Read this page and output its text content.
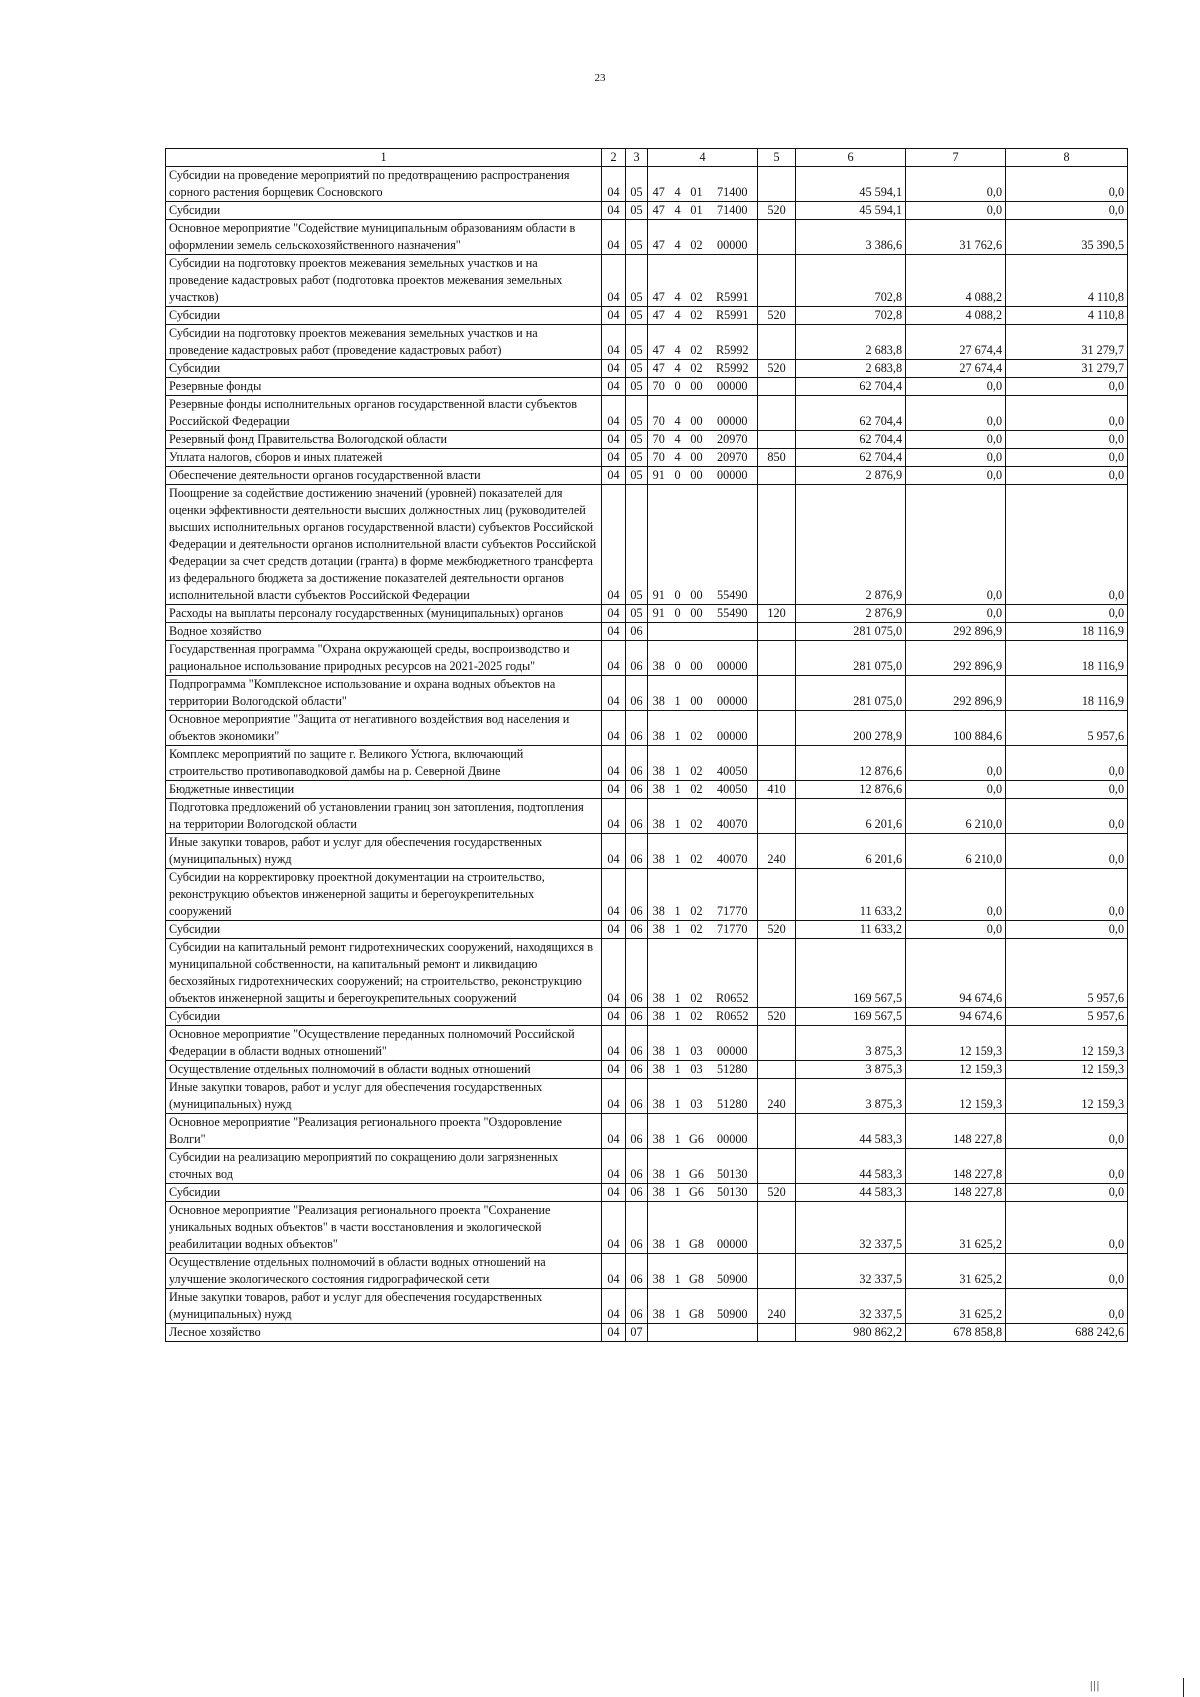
23
1	2	3	4				5	6	7	8
Субсидии на проведение мероприятий по предотвращению распространения сорного растения борщевик Сосновского	04	05	47	4	01	71400		45 594,1	0,0	0,0
Субсидии	04	05	47	4	01	71400	520	45 594,1	0,0	0,0
Основное мероприятие "Содействие муниципальным образованиям области в оформлении земель сельскохозяйственного назначения"	04	05	47	4	02	00000		3 386,6	31 762,6	35 390,5
Субсидии на подготовку проектов межевания земельных участков и на проведение кадастровых работ (подготовка проектов межевания земельных участков)	04	05	47	4	02	R5991		702,8	4 088,2	4 110,8
Субсидии	04	05	47	4	02	R5991	520	702,8	4 088,2	4 110,8
Субсидии на подготовку проектов межевания земельных участков и на проведение кадастровых работ (проведение кадастровых работ)	04	05	47	4	02	R5992		2 683,8	27 674,4	31 279,7
Субсидии	04	05	47	4	02	R5992	520	2 683,8	27 674,4	31 279,7
Резервные фонды	04	05	70	0	00	00000		62 704,4	0,0	0,0
Резервные фонды исполнительных органов государственной власти субъектов Российской Федерации	04	05	70	4	00	00000		62 704,4	0,0	0,0
Резервный фонд Правительства Вологодской области	04	05	70	4	00	20970		62 704,4	0,0	0,0
Уплата налогов, сборов и иных платежей	04	05	70	4	00	20970	850	62 704,4	0,0	0,0
Обеспечение деятельности органов государственной власти	04	05	91	0	00	00000		2 876,9	0,0	0,0
Поощрение за содействие достижению значений (уровней) показателей для оценки эффективности деятельности высших должностных лиц (руководителей высших исполнительных органов государственной власти) субъектов Российской Федерации и деятельности органов исполнительной власти субъектов Российской Федерации за счет средств дотации (гранта) в форме межбюджетного трансферта из федерального бюджета за достижение показателей деятельности органов исполнительной власти субъектов Российской Федерации	04	05	91	0	00	55490		2 876,9	0,0	0,0
Расходы на выплаты персоналу государственных (муниципальных) органов	04	05	91	0	00	55490	120	2 876,9	0,0	0,0
Водное хозяйство	04	06						281 075,0	292 896,9	18 116,9
Государственная программа "Охрана окружающей среды, воспроизводство и рациональное использование природных ресурсов на 2021-2025 годы"	04	06	38	0	00	00000		281 075,0	292 896,9	18 116,9
Подпрограмма "Комплексное использование и охрана водных объектов на территории Вологодской области"	04	06	38	1	00	00000		281 075,0	292 896,9	18 116,9
Основное мероприятие "Защита от негативного воздействия вод населения и объектов экономики"	04	06	38	1	02	00000		200 278,9	100 884,6	5 957,6
Комплекс мероприятий по защите г. Великого Устюга, включающий строительство противопаводковой дамбы на р. Северной Двине	04	06	38	1	02	40050		12 876,6	0,0	0,0
Бюджетные инвестиции	04	06	38	1	02	40050	410	12 876,6	0,0	0,0
Подготовка предложений об установлении границ зон затопления, подтопления на территории Вологодской области	04	06	38	1	02	40070		6 201,6	6 210,0	0,0
Иные закупки товаров, работ и услуг для обеспечения государственных (муниципальных) нужд	04	06	38	1	02	40070	240	6 201,6	6 210,0	0,0
Субсидии на корректировку проектной документации на строительство, реконструкцию объектов инженерной защиты и берегоукрепительных сооружений	04	06	38	1	02	71770		11 633,2	0,0	0,0
Субсидии	04	06	38	1	02	71770	520	11 633,2	0,0	0,0
Субсидии на капитальный ремонт гидротехнических сооружений, находящихся в муниципальной собственности, на капитальный ремонт и ликвидацию бесхозяйных гидротехнических сооружений; на строительство, реконструкцию объектов инженерной защиты и берегоукрепительных сооружений	04	06	38	1	02	R0652		169 567,5	94 674,6	5 957,6
Субсидии	04	06	38	1	02	R0652	520	169 567,5	94 674,6	5 957,6
Основное мероприятие "Осуществление переданных полномочий Российской Федерации в области водных отношений"	04	06	38	1	03	00000		3 875,3	12 159,3	12 159,3
Осуществление отдельных полномочий в области водных отношений	04	06	38	1	03	51280		3 875,3	12 159,3	12 159,3
Иные закупки товаров, работ и услуг для обеспечения государственных (муниципальных) нужд	04	06	38	1	03	51280	240	3 875,3	12 159,3	12 159,3
Основное мероприятие "Реализация регионального проекта "Оздоровление Волги"	04	06	38	1	G6	00000		44 583,3	148 227,8	0,0
Субсидии на реализацию мероприятий по сокращению доли загрязненных сточных вод	04	06	38	1	G6	50130		44 583,3	148 227,8	0,0
Субсидии	04	06	38	1	G6	50130	520	44 583,3	148 227,8	0,0
Основное мероприятие "Реализация регионального проекта "Сохранение уникальных водных объектов" в части восстановления и экологической реабилитации водных объектов"	04	06	38	1	G8	00000		32 337,5	31 625,2	0,0
Осуществление отдельных полномочий в области водных отношений на улучшение экологического состояния гидрографической сети	04	06	38	1	G8	50900		32 337,5	31 625,2	0,0
Иные закупки товаров, работ и услуг для обеспечения государственных (муниципальных) нужд	04	06	38	1	G8	50900	240	32 337,5	31 625,2	0,0
Лесное хозяйство	04	07						980 862,2	678 858,8	688 242,6
|||
